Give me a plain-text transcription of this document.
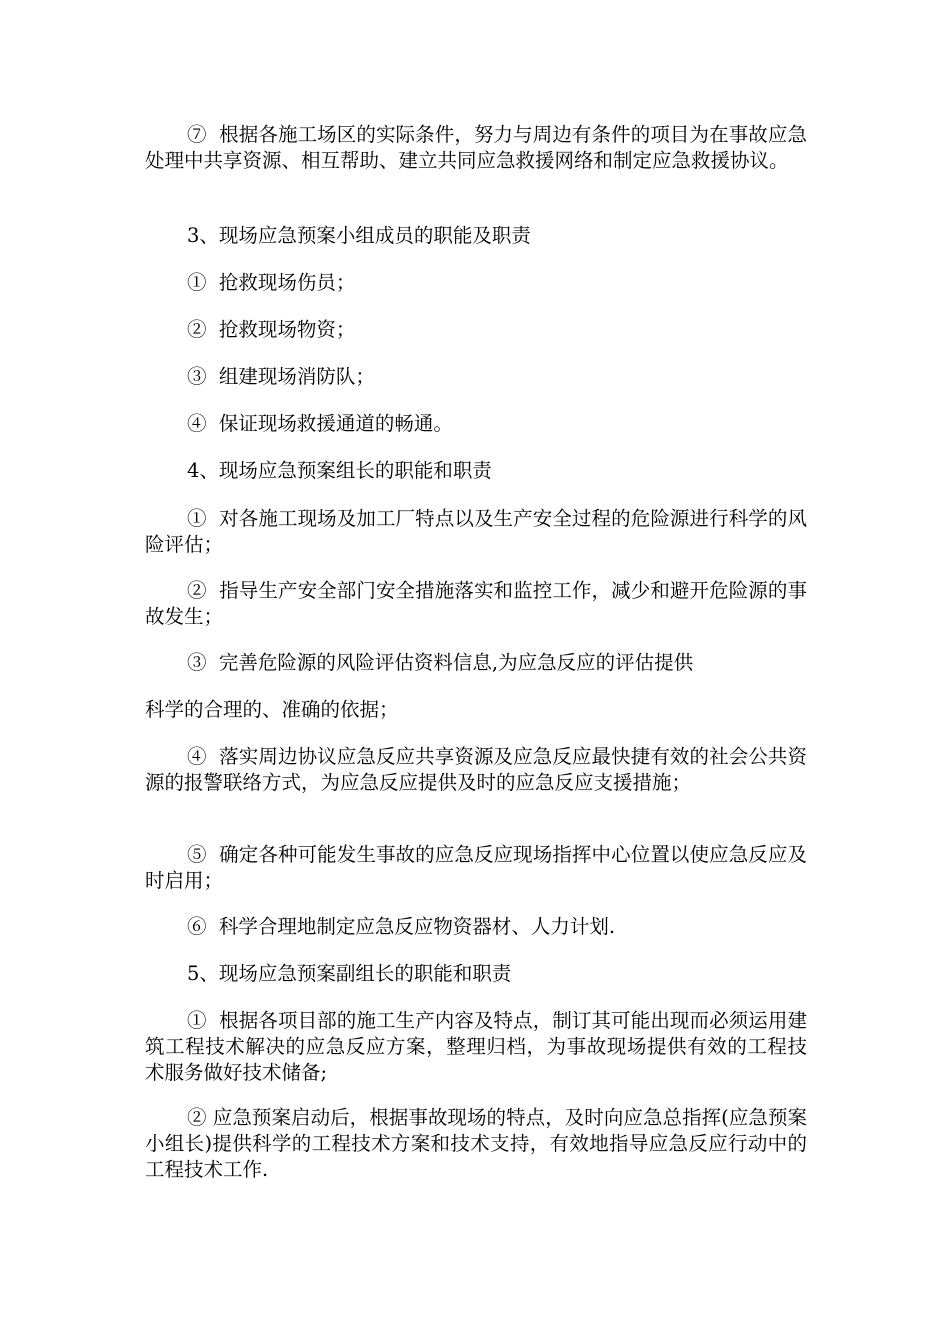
⑦  根据各施工场区的实际条件，努力与周边有条件的项目为在事故应急处理中共享资源、相互帮助、建立共同应急救援网络和制定应急救援协议。

3、现场应急预案小组成员的职能及职责

①  抢救现场伤员；

②  抢救现场物资；

③  组建现场消防队；

④  保证现场救援通道的畅通。

4、现场应急预案组长的职能和职责

①  对各施工现场及加工厂特点以及生产安全过程的危险源进行科学的风险评估；

②  指导生产安全部门安全措施落实和监控工作，减少和避开危险源的事故发生；

③  完善危险源的风险评估资料信息,为应急反应的评估提供

科学的合理的、准确的依据；

④  落实周边协议应急反应共享资源及应急反应最快捷有效的社会公共资源的报警联络方式，为应急反应提供及时的应急反应支援措施；

⑤  确定各种可能发生事故的应急反应现场指挥中心位置以使应急反应及时启用；

⑥  科学合理地制定应急反应物资器材、人力计划.

5、现场应急预案副组长的职能和职责

①  根据各项目部的施工生产内容及特点，制订其可能出现而必须运用建筑工程技术解决的应急反应方案，整理归档，为事故现场提供有效的工程技术服务做好技术储备;

② 应急预案启动后，根据事故现场的特点，及时向应急总指挥(应急预案小组长)提供科学的工程技术方案和技术支持，有效地指导应急反应行动中的工程技术工作.
